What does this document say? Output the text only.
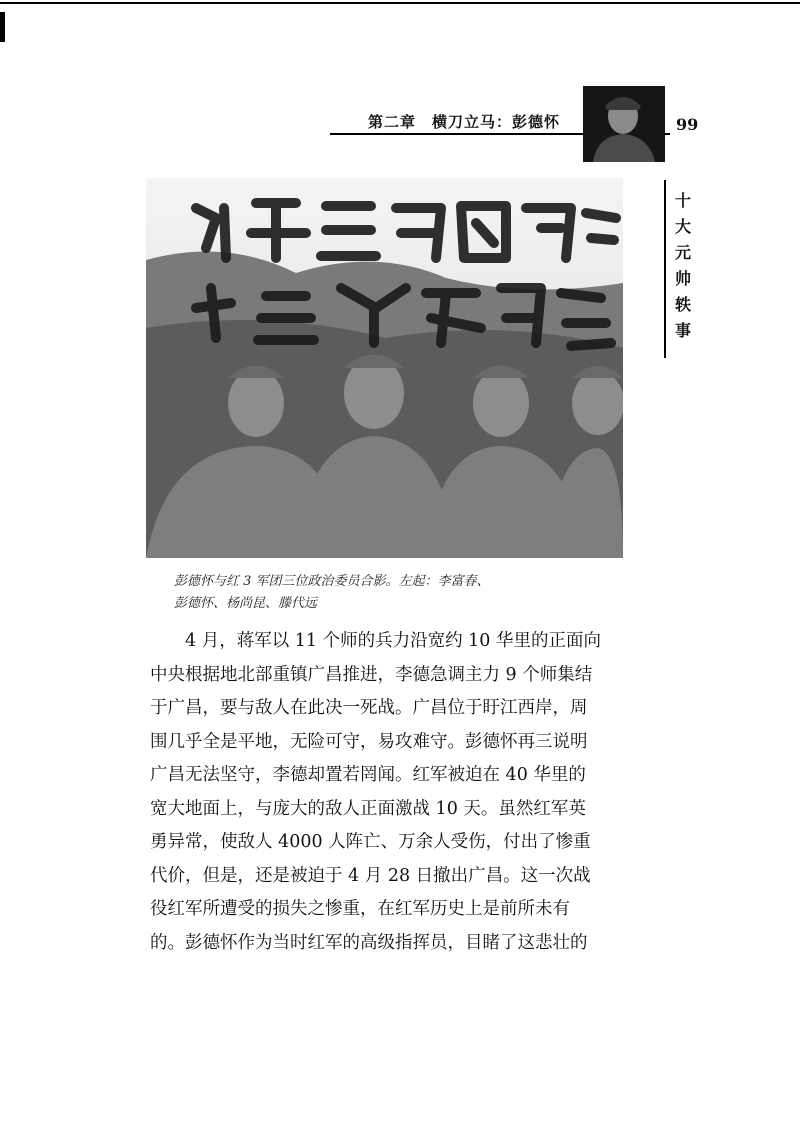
第二章　横刀立马：彭德怀	99
十
大
元
帅
轶
事
彭德怀与红 3 军团三位政治委员合影。左起：李富春、
彭德怀、杨尚昆、滕代远
　　4 月，蒋军以 11 个师的兵力沿宽约 10 华里的正面向
中央根据地北部重镇广昌推进，李德急调主力 9 个师集结
于广昌，要与敌人在此决一死战。广昌位于盱江西岸，周
围几乎全是平地，无险可守，易攻难守。彭德怀再三说明
广昌无法坚守，李德却置若罔闻。红军被迫在 40 华里的
宽大地面上，与庞大的敌人正面激战 10 天。虽然红军英
勇异常，使敌人 4000 人阵亡、万余人受伤，付出了惨重
代价，但是，还是被迫于 4 月 28 日撤出广昌。这一次战
役红军所遭受的损失之惨重，在红军历史上是前所未有
的。彭德怀作为当时红军的高级指挥员，目睹了这悲壮的
